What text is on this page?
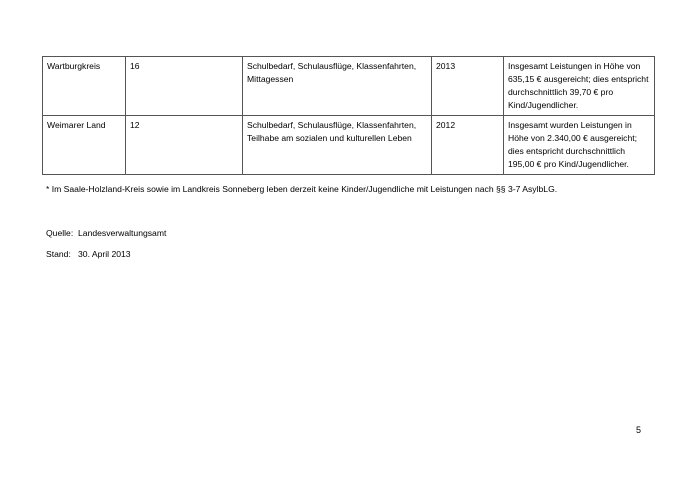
Wartburgkreis	16	Schulbedarf, Schulausflüge, Klassenfahrten, Mittagessen	2013	Insgesamt Leistungen in Höhe von 635,15 € ausgereicht; dies entspricht durchschnittlich 39,70 € pro Kind/Jugendlicher.
Weimarer Land	12	Schulbedarf, Schulausflüge, Klassenfahrten, Teilhabe am sozialen und kulturellen Leben	2012	Insgesamt wurden Leistungen in Höhe von 2.340,00 € ausgereicht; dies entspricht durchschnittlich 195,00 € pro Kind/Jugendlicher.
* Im Saale-Holzland-Kreis sowie im Landkreis Sonneberg leben derzeit keine Kinder/Jugendliche mit Leistungen nach §§ 3-7 AsylbLG.
Quelle:  Landesverwaltungsamt
Stand:   30. April 2013
5
